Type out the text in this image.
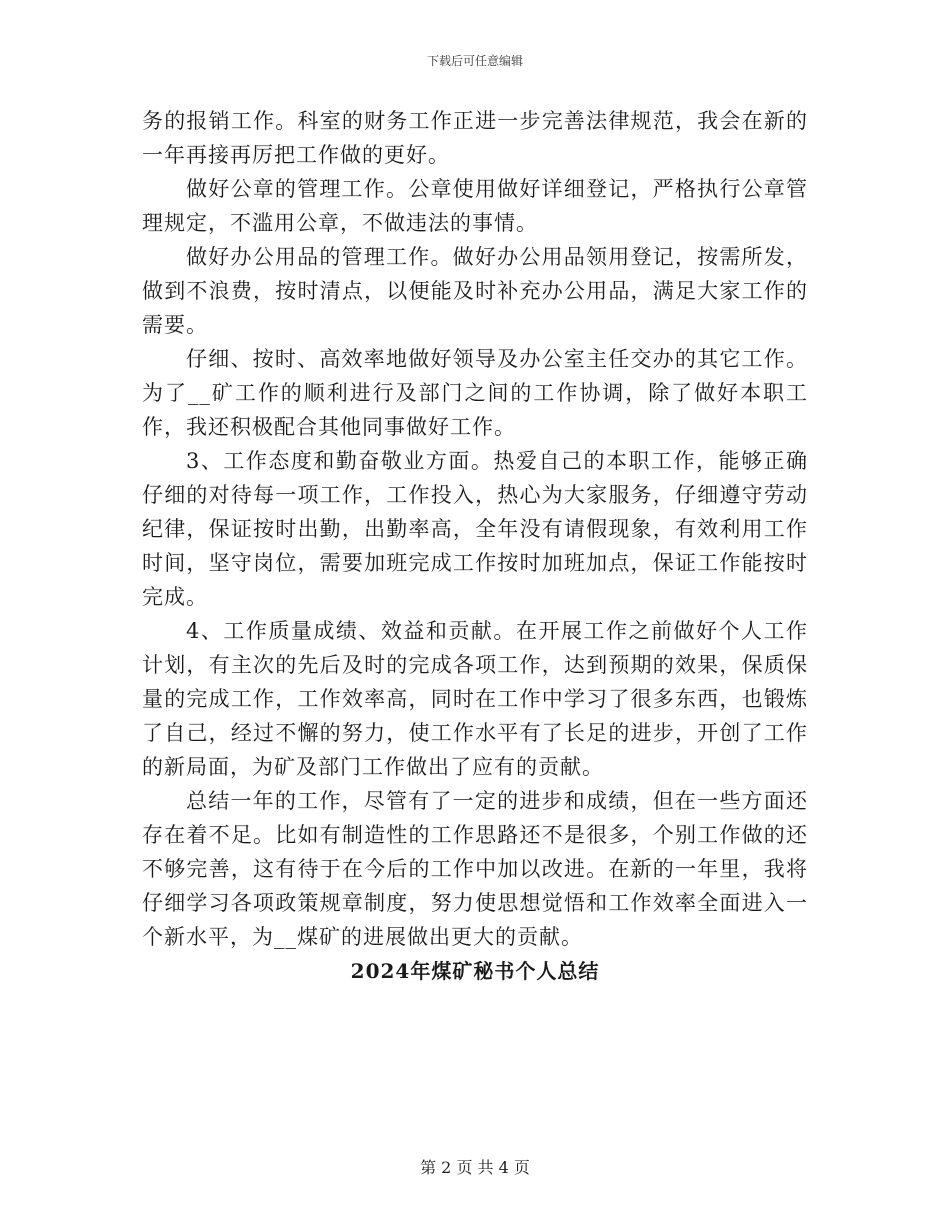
下载后可任意编辑

务的报销工作。科室的财务工作正进一步完善法律规范，我会在新的一年再接再厉把工作做的更好。

做好公章的管理工作。公章使用做好详细登记，严格执行公章管理规定，不滥用公章，不做违法的事情。

做好办公用品的管理工作。做好办公用品领用登记，按需所发，做到不浪费，按时清点，以便能及时补充办公用品，满足大家工作的需要。

仔细、按时、高效率地做好领导及办公室主任交办的其它工作。为了__矿工作的顺利进行及部门之间的工作协调，除了做好本职工作，我还积极配合其他同事做好工作。

3、工作态度和勤奋敬业方面。热爱自己的本职工作，能够正确仔细的对待每一项工作，工作投入，热心为大家服务，仔细遵守劳动纪律，保证按时出勤，出勤率高，全年没有请假现象，有效利用工作时间，坚守岗位，需要加班完成工作按时加班加点，保证工作能按时完成。

4、工作质量成绩、效益和贡献。在开展工作之前做好个人工作计划，有主次的先后及时的完成各项工作，达到预期的效果，保质保量的完成工作，工作效率高，同时在工作中学习了很多东西，也锻炼了自己，经过不懈的努力，使工作水平有了长足的进步，开创了工作的新局面，为矿及部门工作做出了应有的贡献。

总结一年的工作，尽管有了一定的进步和成绩，但在一些方面还存在着不足。比如有制造性的工作思路还不是很多，个别工作做的还不够完善，这有待于在今后的工作中加以改进。在新的一年里，我将仔细学习各项政策规章制度，努力使思想觉悟和工作效率全面进入一个新水平，为__煤矿的进展做出更大的贡献。

2024年煤矿秘书个人总结

第 2 页 共 4 页
